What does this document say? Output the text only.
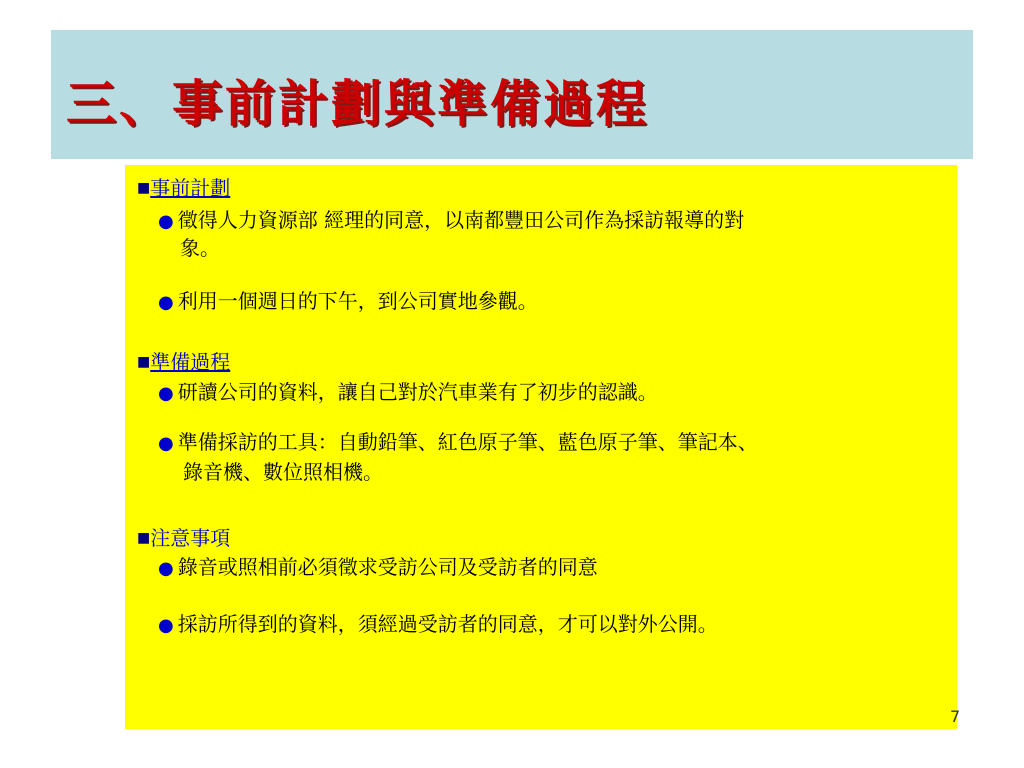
三、事前計劃與準備過程
■事前計劃
● 徵得人力資源部 經理的同意，以南都豐田公司作為採訪報導的對
象。
● 利用一個週日的下午，到公司實地參觀。
■準備過程
● 研讀公司的資料，讓自己對於汽車業有了初步的認識。
● 準備採訪的工具：自動鉛筆、紅色原子筆、藍色原子筆、筆記本、
錄音機、數位照相機。
■注意事項
● 錄音或照相前必須徵求受訪公司及受訪者的同意
● 採訪所得到的資料，須經過受訪者的同意，才可以對外公開。
7
